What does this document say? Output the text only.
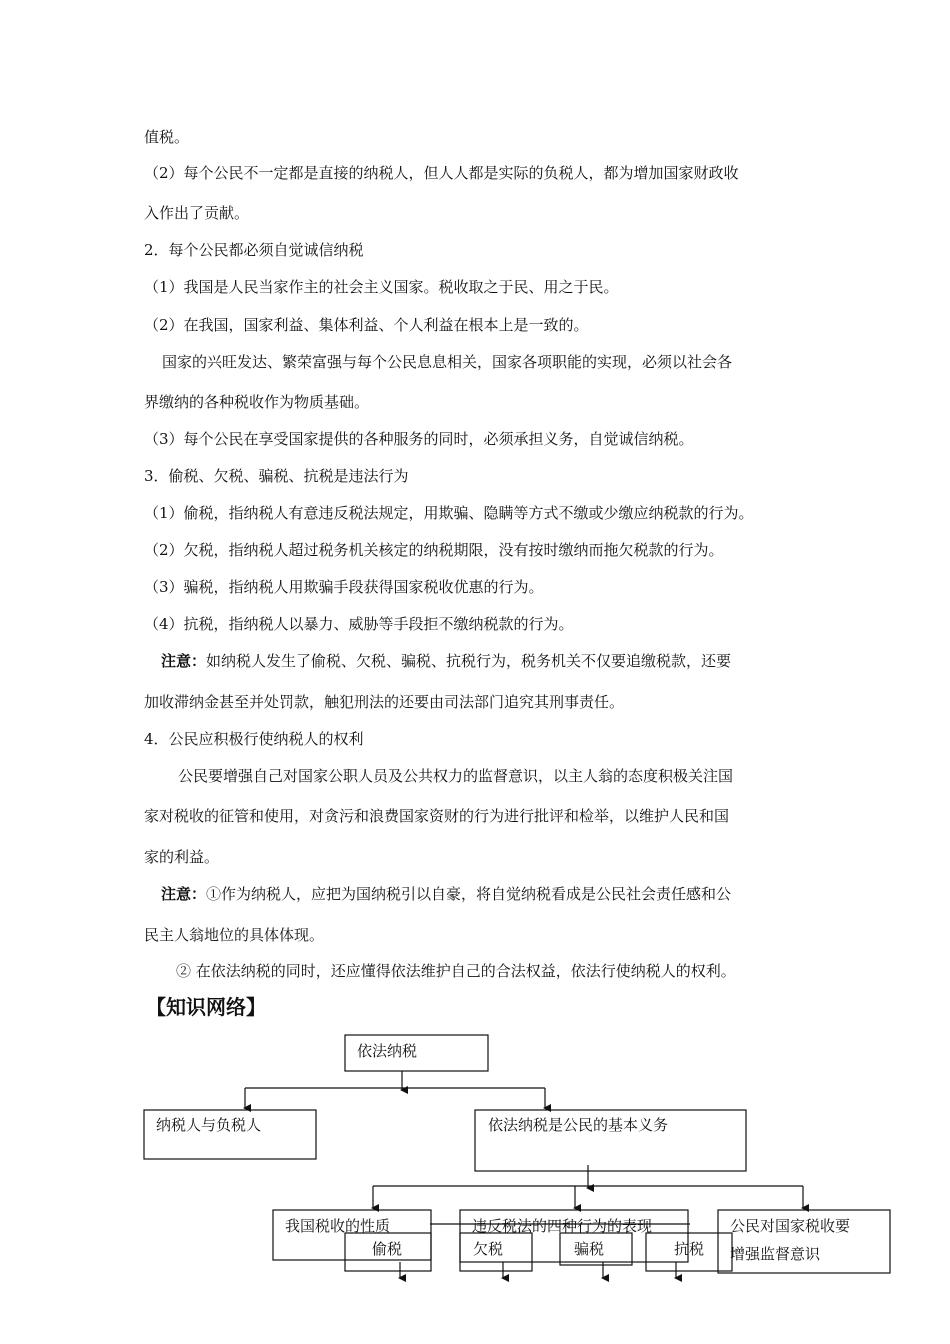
值税。
（2）每个公民不一定都是直接的纳税人，但人人都是实际的负税人，都为增加国家财政收
入作出了贡献。
2．每个公民都必须自觉诚信纳税
（1）我国是人民当家作主的社会主义国家。税收取之于民、用之于民。
（2）在我国，国家利益、集体利益、个人利益在根本上是一致的。
国家的兴旺发达、繁荣富强与每个公民息息相关，国家各项职能的实现，必须以社会各
界缴纳的各种税收作为物质基础。
（3）每个公民在享受国家提供的各种服务的同时，必须承担义务，自觉诚信纳税。
3．偷税、欠税、骗税、抗税是违法行为
（1）偷税，指纳税人有意违反税法规定，用欺骗、隐瞒等方式不缴或少缴应纳税款的行为。
（2）欠税，指纳税人超过税务机关核定的纳税期限，没有按时缴纳而拖欠税款的行为。
（3）骗税，指纳税人用欺骗手段获得国家税收优惠的行为。
（4）抗税，指纳税人以暴力、威胁等手段拒不缴纳税款的行为。
注意：如纳税人发生了偷税、欠税、骗税、抗税行为，税务机关不仅要追缴税款，还要
加收滞纳金甚至并处罚款，触犯刑法的还要由司法部门追究其刑事责任。
4．公民应积极行使纳税人的权利
公民要增强自己对国家公职人员及公共权力的监督意识，以主人翁的态度积极关注国
家对税收的征管和使用，对贪污和浪费国家资财的行为进行批评和检举，以维护人民和国
家的利益。
注意：①作为纳税人，应把为国纳税引以自豪，将自觉纳税看成是公民社会责任感和公
民主人翁地位的具体体现。
② 在依法纳税的同时，还应懂得依法维护自己的合法权益，依法行使纳税人的权利。
【知识网络】
依法纳税
纳税人与负税人	依法纳税是公民的基本义务
我国税收的性质	违反税法的四种行为的表现	公民对国家税收要
增强监督意识
偷税	欠税	骗税	抗税
